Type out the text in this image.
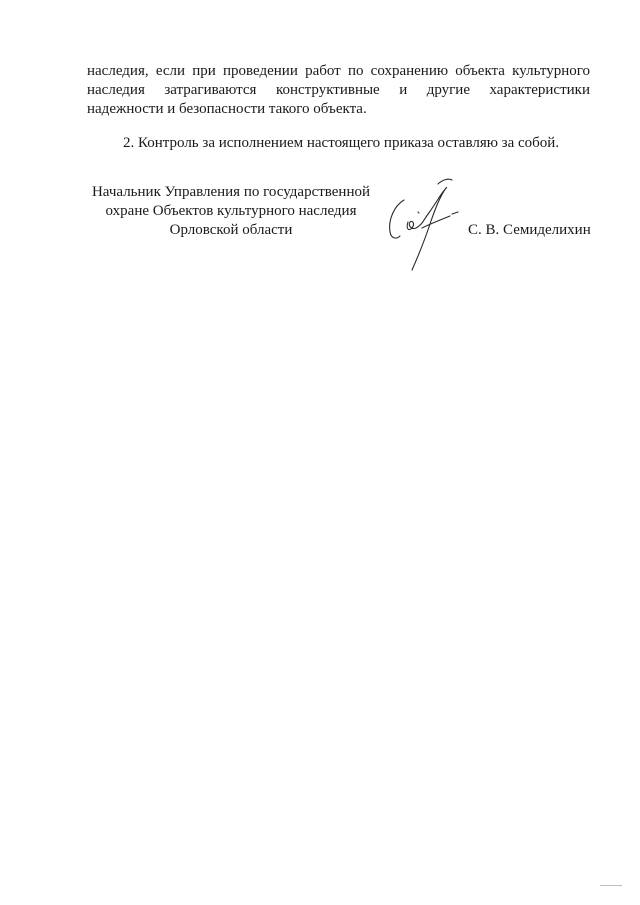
наследия, если при проведении работ по сохранению объекта культурного наследия затрагиваются конструктивные и другие характеристики надежности и безопасности такого объекта.

2. Контроль за исполнением настоящего приказа оставляю за собой.

Начальник Управления по государственной
охране Объектов культурного наследия
Орловской области	С. В. Семиделихин
